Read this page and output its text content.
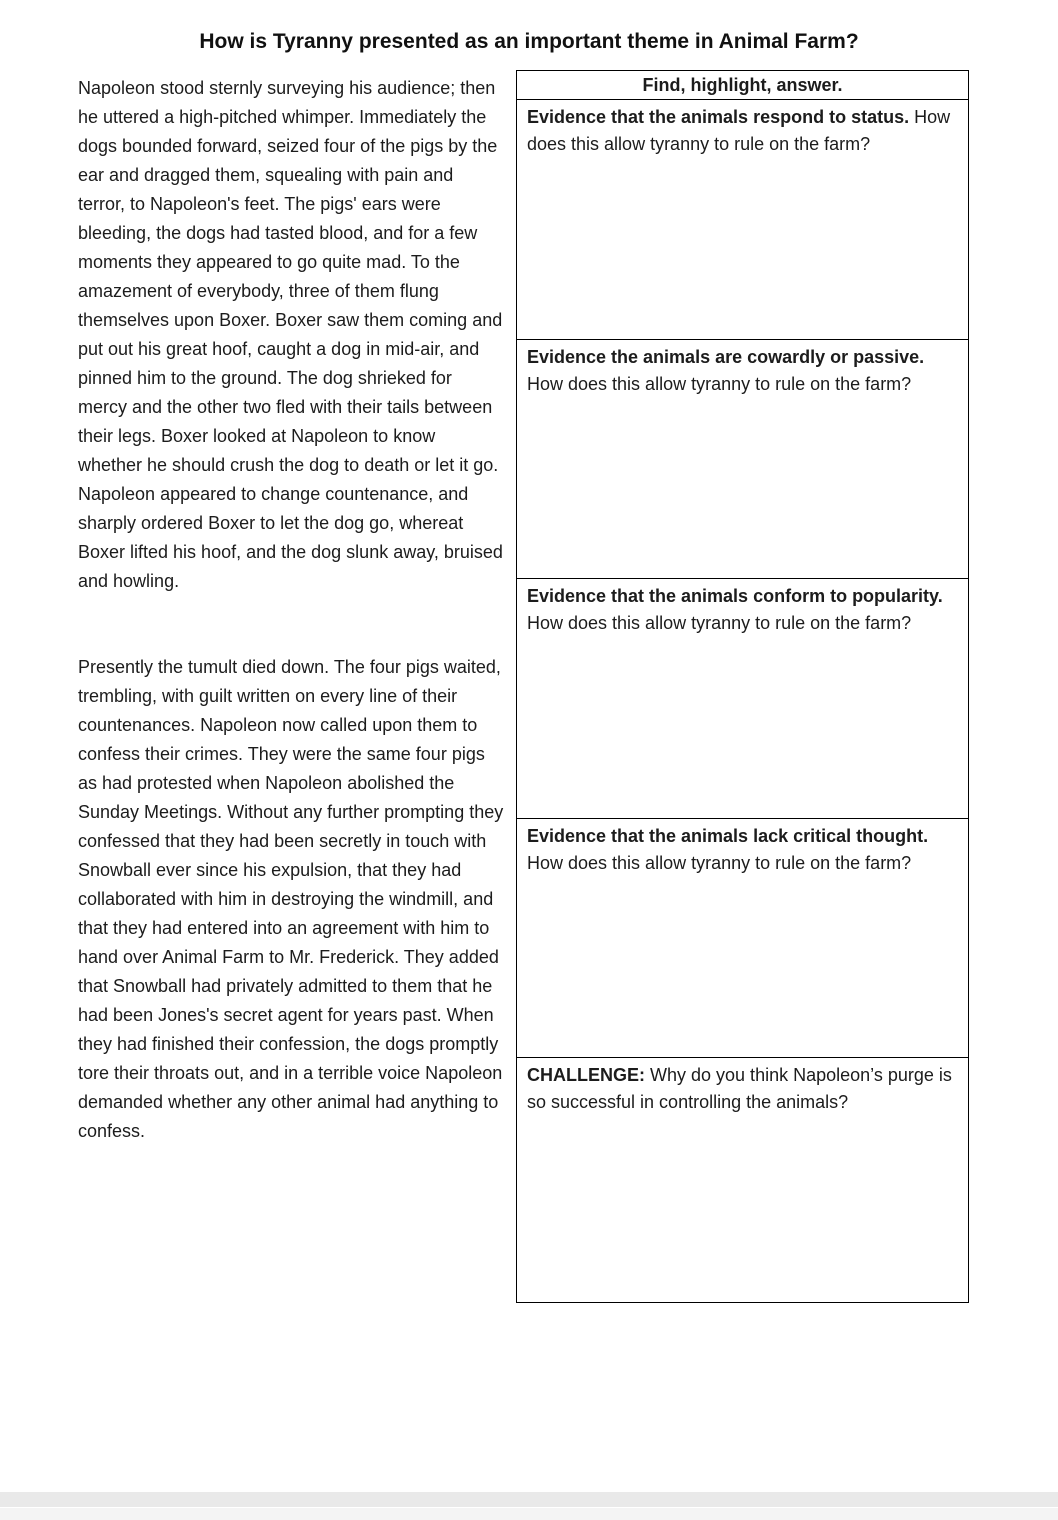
How is Tyranny presented as an important theme in Animal Farm?

Napoleon stood sternly surveying his audience; then he uttered a high-pitched whimper. Immediately the dogs bounded forward, seized four of the pigs by the ear and dragged them, squealing with pain and terror, to Napoleon's feet. The pigs' ears were bleeding, the dogs had tasted blood, and for a few moments they appeared to go quite mad. To the amazement of everybody, three of them flung themselves upon Boxer. Boxer saw them coming and put out his great hoof, caught a dog in mid-air, and pinned him to the ground. The dog shrieked for mercy and the other two fled with their tails between their legs. Boxer looked at Napoleon to know whether he should crush the dog to death or let it go. Napoleon appeared to change countenance, and sharply ordered Boxer to let the dog go, whereat Boxer lifted his hoof, and the dog slunk away, bruised and howling.

Presently the tumult died down. The four pigs waited, trembling, with guilt written on every line of their countenances. Napoleon now called upon them to confess their crimes. They were the same four pigs as had protested when Napoleon abolished the Sunday Meetings. Without any further prompting they confessed that they had been secretly in touch with Snowball ever since his expulsion, that they had collaborated with him in destroying the windmill, and that they had entered into an agreement with him to hand over Animal Farm to Mr. Frederick. They added that Snowball had privately admitted to them that he had been Jones's secret agent for years past. When they had finished their confession, the dogs promptly tore their throats out, and in a terrible voice Napoleon demanded whether any other animal had anything to confess.

Find, highlight, answer.
Evidence that the animals respond to status. How does this allow tyranny to rule on the farm?
Evidence the animals are cowardly or passive. How does this allow tyranny to rule on the farm?
Evidence that the animals conform to popularity. How does this allow tyranny to rule on the farm?
Evidence that the animals lack critical thought. How does this allow tyranny to rule on the farm?
CHALLENGE: Why do you think Napoleon’s purge is so successful in controlling the animals?
